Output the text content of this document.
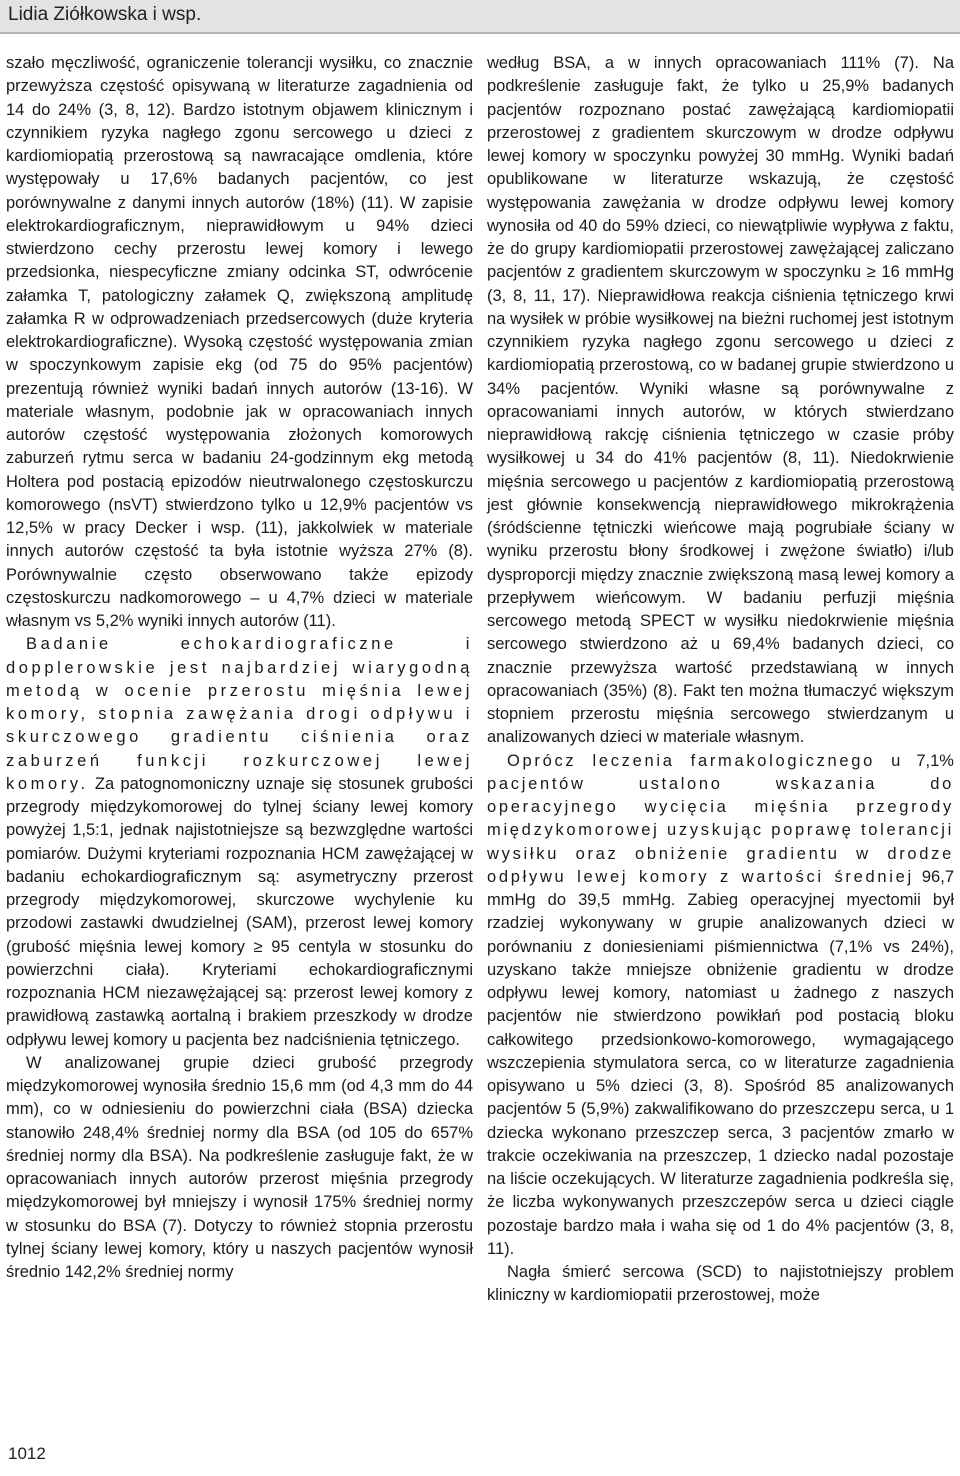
Lidia Ziółkowska i wsp.

szało męczliwość, ograniczenie tolerancji wysiłku, co znacznie przewyższa częstość opisywaną w literaturze zagadnienia od 14 do 24% (3, 8, 12). Bardzo istotnym objawem klinicznym i czynnikiem ryzyka nagłego zgonu sercowego u dzieci z kardiomiopatią przerostową są nawracające omdlenia, które występowały u 17,6% badanych pacjentów, co jest porównywalne z danymi innych autorów (18%) (11). W zapisie elektrokardiograficznym, nieprawidłowym u 94% dzieci stwierdzono cechy przerostu lewej komory i lewego przedsionka, niespecyficzne zmiany odcinka ST, odwrócenie załamka T, patologiczny załamek Q, zwiększoną amplitudę załamka R w odprowadzeniach przedsercowych (duże kryteria elektrokardiograficzne). Wysoką częstość występowania zmian w spoczynkowym zapisie ekg (od 75 do 95% pacjentów) prezentują również wyniki badań innych autorów (13-16). W materiale własnym, podobnie jak w opracowaniach innych autorów częstość występowania złożonych komorowych zaburzeń rytmu serca w badaniu 24-godzinnym ekg metodą Holtera pod postacią epizodów nieutrwalonego częstoskurczu komorowego (nsVT) stwierdzono tylko u 12,9% pacjentów vs 12,5% w pracy Decker i wsp. (11), jakkolwiek w materiale innych autorów częstość ta była istotnie wyższa 27% (8). Porównywalnie często obserwowano także epizody częstoskurczu nadkomorowego – u 4,7% dzieci w materiale własnym vs 5,2% wyniki innych autorów (11).

Badanie echokardiograficzne i dopplerowskie jest najbardziej wiarygodną metodą w ocenie przerostu mięśnia lewej komory, stopnia zawężania drogi odpływu i skurczowego gradientu ciśnienia oraz zaburzeń funkcji rozkurczowej lewej komory. Za patognomoniczny uznaje się stosunek grubości przegrody międzykomorowej do tylnej ściany lewej komory powyżej 1,5:1, jednak najistotniejsze są bezwzględne wartości pomiarów. Dużymi kryteriami rozpoznania HCM zawężającej w badaniu echokardiograficznym są: asymetryczny przerost przegrody międzykomorowej, skurczowe wychylenie ku przodowi zastawki dwudzielnej (SAM), przerost lewej komory (grubość mięśnia lewej komory ≥ 95 centyla w stosunku do powierzchni ciała). Kryteriami echokardiograficznymi rozpoznania HCM niezawężającej są: przerost lewej komory z prawidłową zastawką aortalną i brakiem przeszkody w drodze odpływu lewej komory u pacjenta bez nadciśnienia tętniczego.

W analizowanej grupie dzieci grubość przegrody międzykomorowej wynosiła średnio 15,6 mm (od 4,3 mm do 44 mm), co w odniesieniu do powierzchni ciała (BSA) dziecka stanowiło 248,4% średniej normy dla BSA (od 105 do 657% średniej normy dla BSA). Na podkreślenie zasługuje fakt, że w opracowaniach innych autorów przerost mięśnia przegrody międzykomorowej był mniejszy i wynosił 175% średniej normy w stosunku do BSA (7). Dotyczy to również stopnia przerostu tylnej ściany lewej komory, który u naszych pacjentów wynosił średnio 142,2% średniej normy

według BSA, a w innych opracowaniach 111% (7). Na podkreślenie zasługuje fakt, że tylko u 25,9% badanych pacjentów rozpoznano postać zawężającą kardiomiopatii przerostowej z gradientem skurczowym w drodze odpływu lewej komory w spoczynku powyżej 30 mmHg. Wyniki badań opublikowane w literaturze wskazują, że częstość występowania zawężania w drodze odpływu lewej komory wynosiła od 40 do 59% dzieci, co niewątpliwie wypływa z faktu, że do grupy kardiomiopatii przerostowej zawężającej zaliczano pacjentów z gradientem skurczowym w spoczynku ≥ 16 mmHg (3, 8, 11, 17). Nieprawidłowa reakcja ciśnienia tętniczego krwi na wysiłek w próbie wysiłkowej na bieżni ruchomej jest istotnym czynnikiem ryzyka nagłego zgonu sercowego u dzieci z kardiomiopatią przerostową, co w badanej grupie stwierdzono u 34% pacjentów. Wyniki własne są porównywalne z opracowaniami innych autorów, w których stwierdzano nieprawidłową rakcję ciśnienia tętniczego w czasie próby wysiłkowej u 34 do 41% pacjentów (8, 11). Niedokrwienie mięśnia sercowego u pacjentów z kardiomiopatią przerostową jest głównie konsekwencją nieprawidłowego mikrokrążenia (śródścienne tętniczki wieńcowe mają pogrubiałe ściany w wyniku przerostu błony środkowej i zwężone światło) i/lub dysproporcji między znacznie zwiększoną masą lewej komory a przepływem wieńcowym. W badaniu perfuzji mięśnia sercowego metodą SPECT w wysiłku niedokrwienie mięśnia sercowego stwierdzono aż u 69,4% badanych dzieci, co znacznie przewyższa wartość przedstawianą w innych opracowaniach (35%) (8). Fakt ten można tłumaczyć większym stopniem przerostu mięśnia sercowego stwierdzanym u analizowanych dzieci w materiale własnym.

Oprócz leczenia farmakologicznego u 7,1% pacjentów ustalono wskazania do operacyjnego wycięcia mięśnia przegrody międzykomorowej uzyskując poprawę tolerancji wysiłku oraz obniżenie gradientu w drodze odpływu lewej komory z wartości średniej 96,7 mmHg do 39,5 mmHg. Zabieg operacyjnej myectomii był rzadziej wykonywany w grupie analizowanych dzieci w porównaniu z doniesieniami piśmiennictwa (7,1% vs 24%), uzyskano także mniejsze obniżenie gradientu w drodze odpływu lewej komory, natomiast u żadnego z naszych pacjentów nie stwierdzono powikłań pod postacią bloku całkowitego przedsionkowo-komorowego, wymagającego wszczepienia stymulatora serca, co w literaturze zagadnienia opisywano u 5% dzieci (3, 8). Spośród 85 analizowanych pacjentów 5 (5,9%) zakwalifikowano do przeszczepu serca, u 1 dziecka wykonano przeszczep serca, 3 pacjentów zmarło w trakcie oczekiwania na przeszczep, 1 dziecko nadal pozostaje na liście oczekujących. W literaturze zagadnienia podkreśla się, że liczba wykonywanych przeszczepów serca u dzieci ciągle pozostaje bardzo mała i waha się od 1 do 4% pacjentów (3, 8, 11).

Nagła śmierć sercowa (SCD) to najistotniejszy problem kliniczny w kardiomiopatii przerostowej, może

1012
